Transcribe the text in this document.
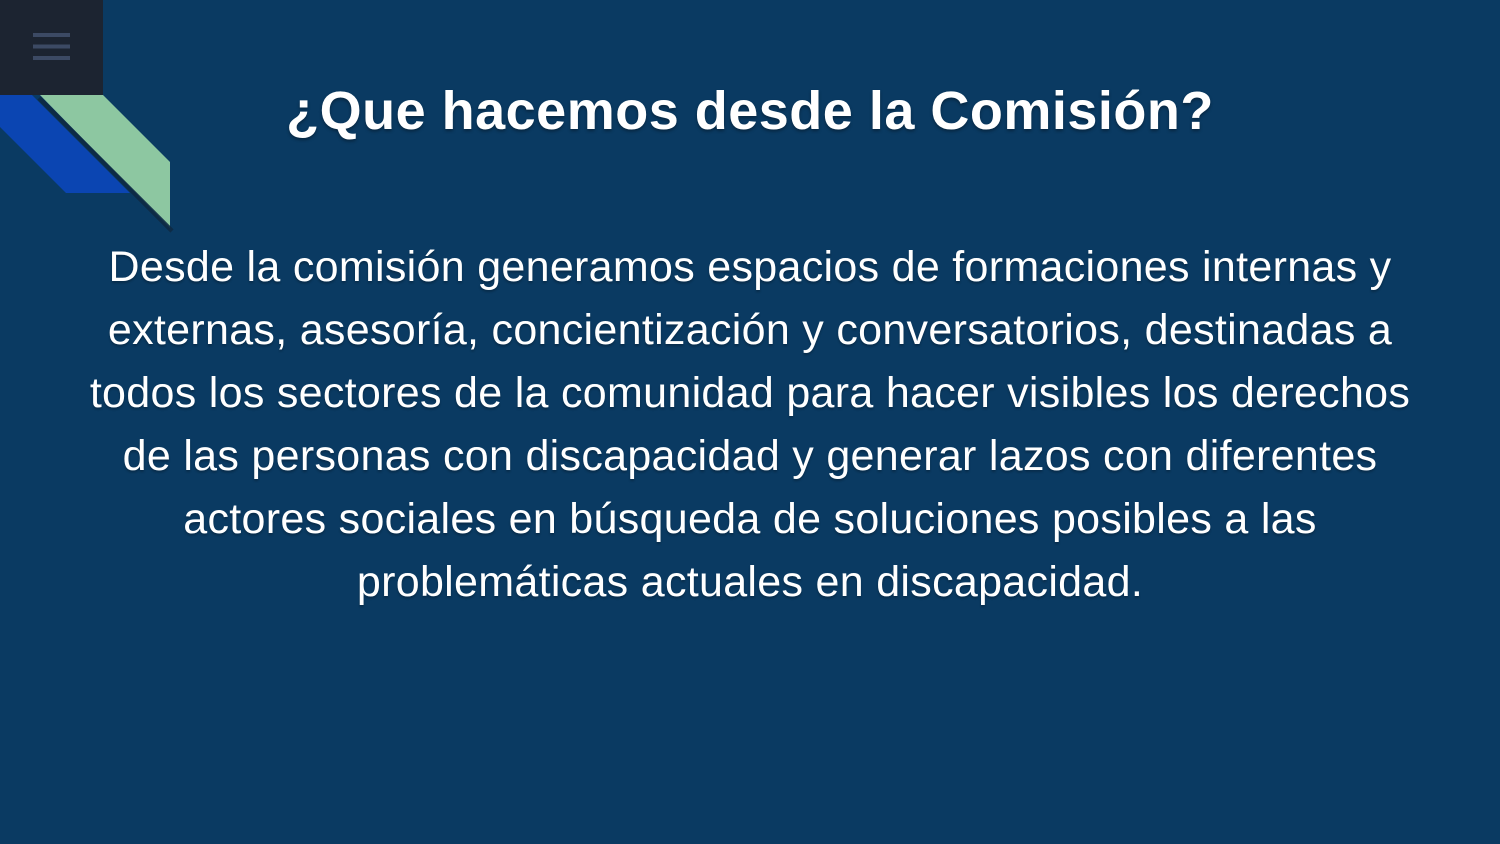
¿Que hacemos desde la Comisión?
Desde la comisión generamos espacios de formaciones internas y
externas, asesoría, concientización y conversatorios, destinadas a
todos los sectores de la comunidad para hacer visibles los derechos
de las personas con discapacidad y generar lazos con diferentes
actores sociales en búsqueda de soluciones posibles a las
problemáticas actuales en discapacidad.
